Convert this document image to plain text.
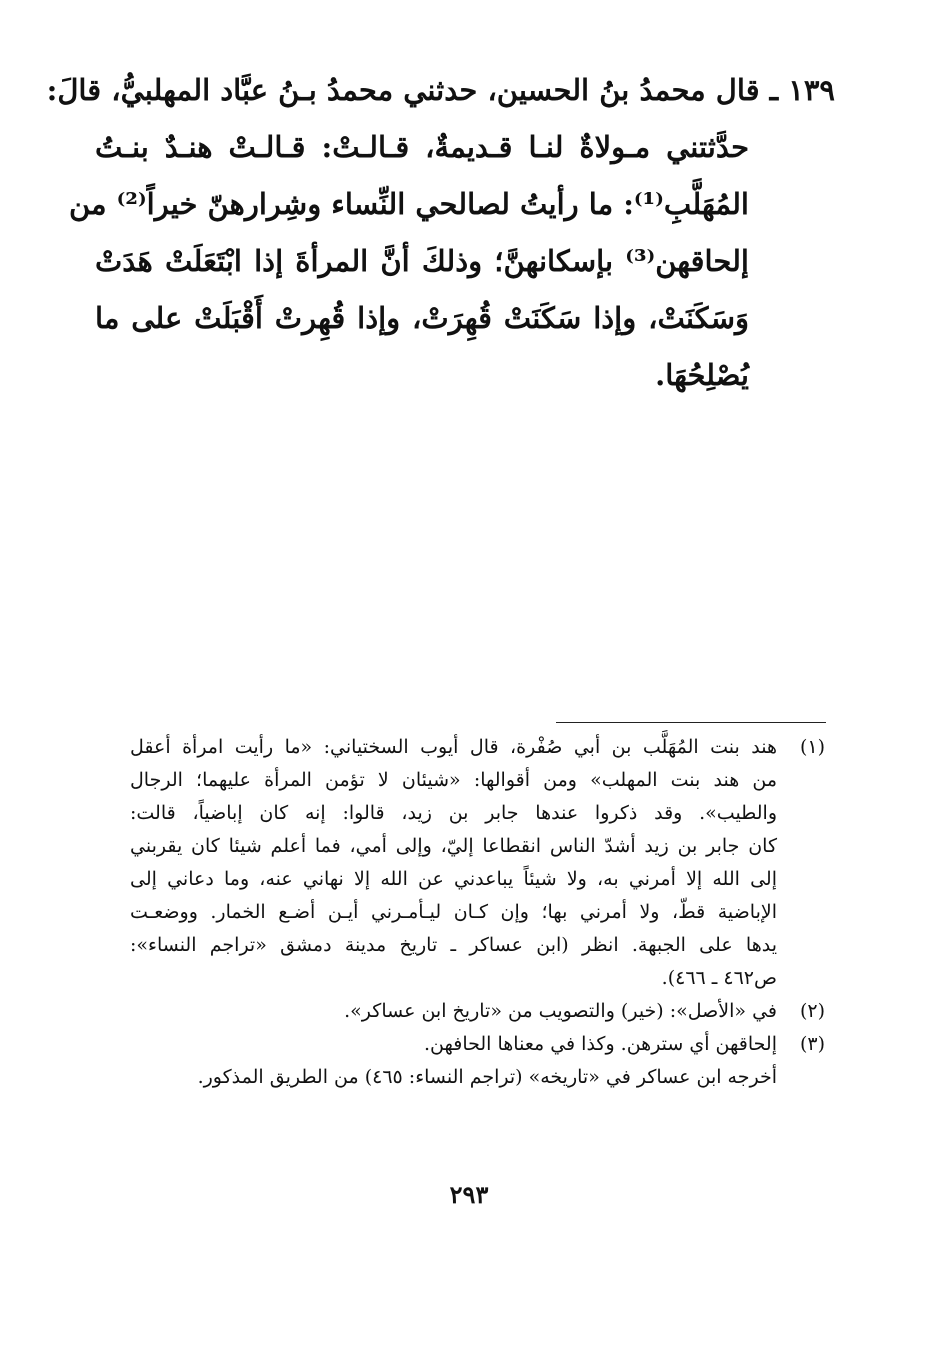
١٣٩ ـ قال محمدُ بنُ الحسين، حدثني محمدُ بـنُ عبَّاد المهلبيُّ، قالَ:
حدَّثتني مـولاةٌ لنـا قـديمةٌ، قـالـتْ: قـالـتْ هنـدٌ بنـتُ
المُهَلَّبِ⁽¹⁾: ما رأيتُ لصالحي النِّساء وشِرارهنّ خيراً⁽²⁾ من
إلحاقهن⁽³⁾ بإسكانهنَّ؛ وذلكَ أنَّ المرأةَ إذا ابْتَعَلَتْ هَدَتْ
وَسَكَنَتْ، وإذا سَكَنَتْ قُهِرَتْ، وإذا قُهِرتْ أَقْبَلَتْ على ما
يُصْلِحُهَا.
(١)
هند بنت المُهَلَّب بن أبي صُفْرة، قال أيوب السختياني: «ما رأيت امرأة أعقل
من هند بنت المهلب» ومن أقوالها: «شيئان لا تؤمن المرأة عليهما؛ الرجال
والطيب». وقد ذكروا عندها جابر بن زيد، قالوا: إنه كان إباضياً، قالت:
كان جابر بن زيد أشدّ الناس انقطاعا إليّ، وإلى أمي، فما أعلم شيئا كان يقربني
إلى الله إلا أمرني به، ولا شيئاً يباعدني عن الله إلا نهاني عنه، وما دعاني إلى
الإباضية قطّ، ولا أمرني بها؛ وإن كـان ليـأمـرني أيـن أضـع الخمار. ووضعـت
يدها على الجبهة. انظر (ابن عساكر ـ تاريخ مدينة دمشق «تراجم النساء»:
ص٤٦٢ ـ ٤٦٦).
(٢)
في «الأصل»: (خير) والتصويب من «تاريخ ابن عساكر».
(٣)
إلحاقهن أي سترهن. وكذا في معناها الحافهن.
أخرجه ابن عساكر في «تاريخه» (تراجم النساء: ٤٦٥) من الطريق المذكور.
٢٩٣
